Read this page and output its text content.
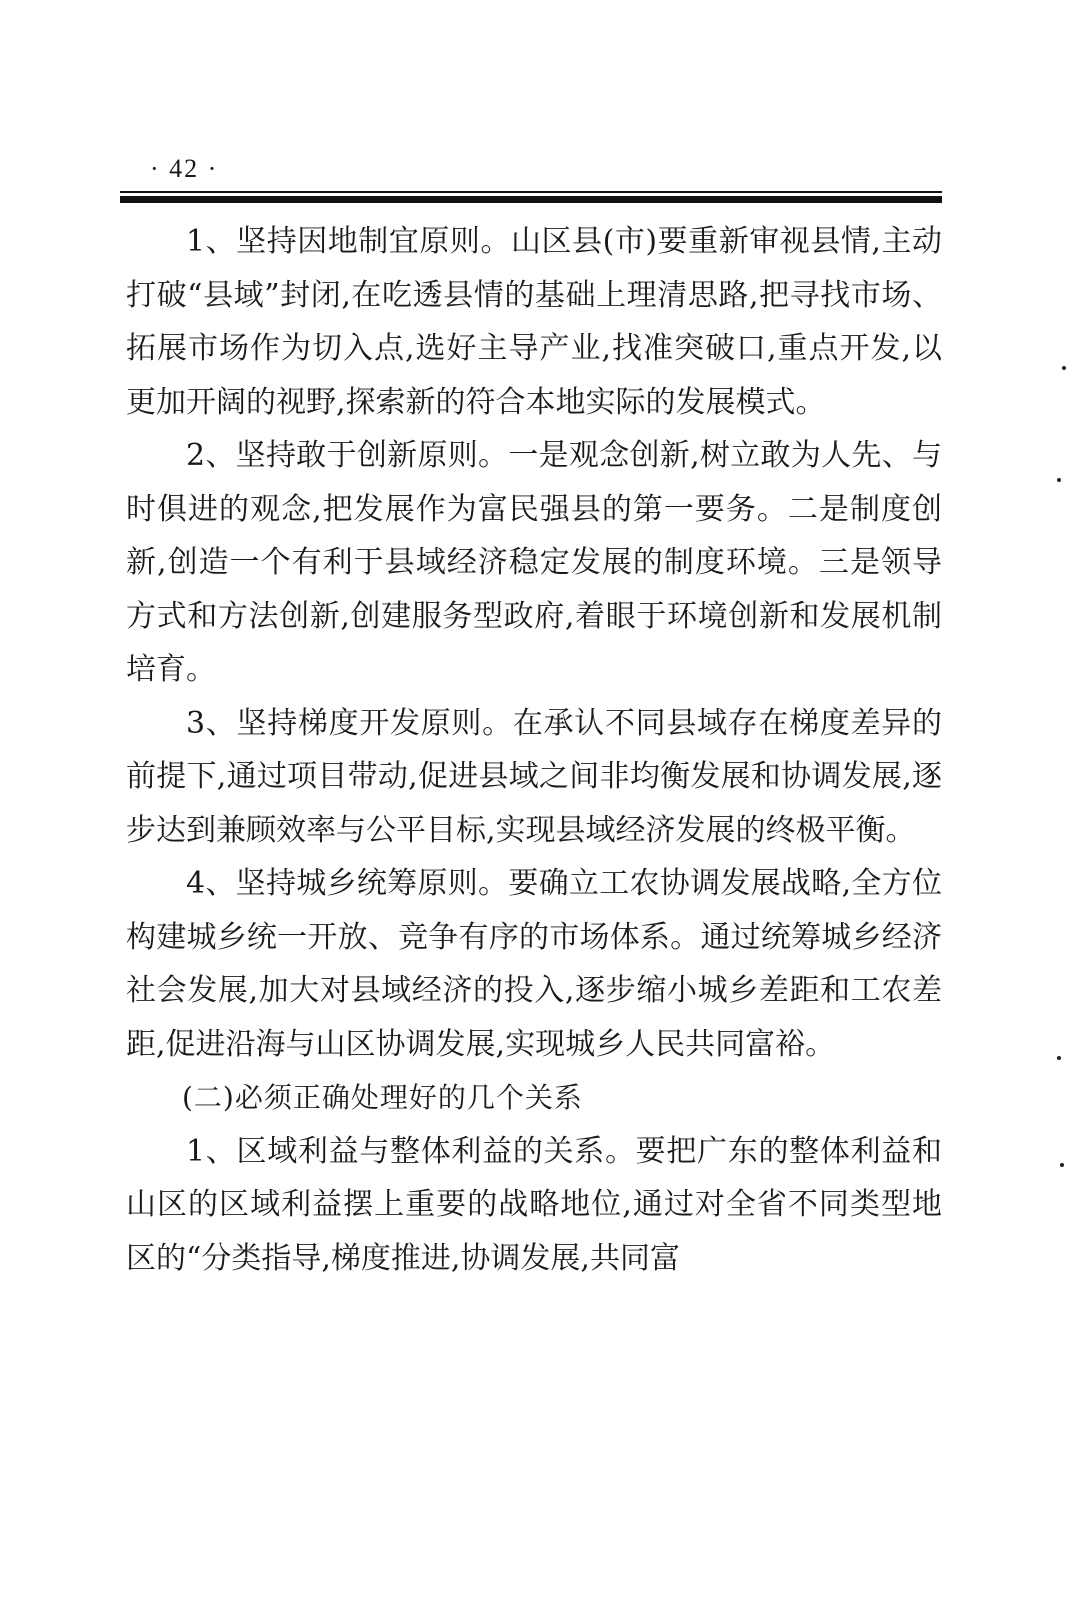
· 42 ·

1、坚持因地制宜原则。山区县(市)要重新审视县情,主动打破“县域”封闭,在吃透县情的基础上理清思路,把寻找市场、拓展市场作为切入点,选好主导产业,找准突破口,重点开发,以更加开阔的视野,探索新的符合本地实际的发展模式。

2、坚持敢于创新原则。一是观念创新,树立敢为人先、与时俱进的观念,把发展作为富民强县的第一要务。二是制度创新,创造一个有利于县域经济稳定发展的制度环境。三是领导方式和方法创新,创建服务型政府,着眼于环境创新和发展机制培育。

3、坚持梯度开发原则。在承认不同县域存在梯度差异的前提下,通过项目带动,促进县域之间非均衡发展和协调发展,逐步达到兼顾效率与公平目标,实现县域经济发展的终极平衡。

4、坚持城乡统筹原则。要确立工农协调发展战略,全方位构建城乡统一开放、竞争有序的市场体系。通过统筹城乡经济社会发展,加大对县域经济的投入,逐步缩小城乡差距和工农差距,促进沿海与山区协调发展,实现城乡人民共同富裕。

(二)必须正确处理好的几个关系

1、区域利益与整体利益的关系。要把广东的整体利益和山区的区域利益摆上重要的战略地位,通过对全省不同类型地区的“分类指导,梯度推进,协调发展,共同富
